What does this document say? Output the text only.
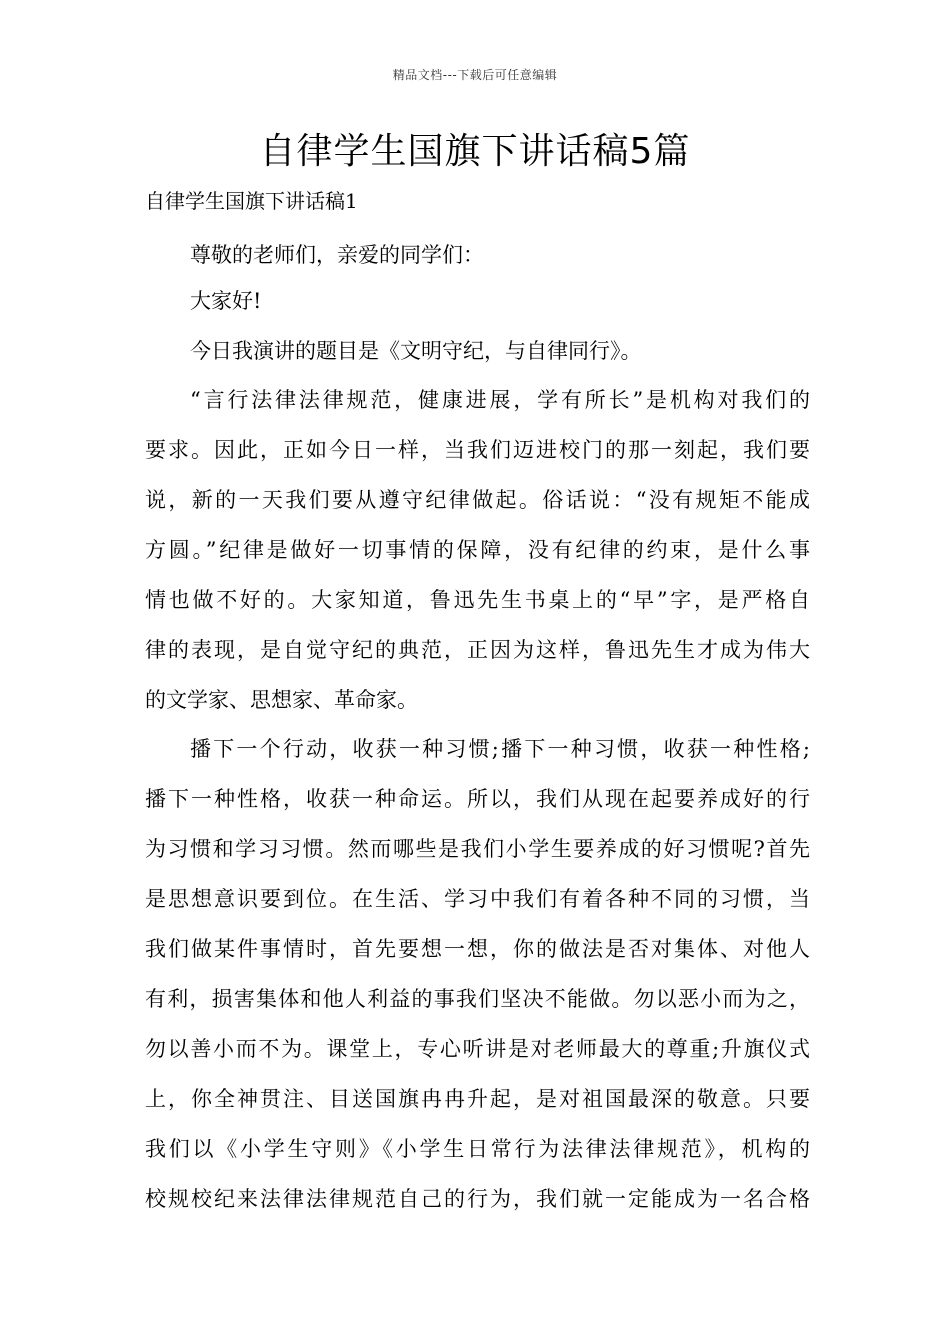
精品文档---下载后可任意编辑
自律学生国旗下讲话稿5篇
自律学生国旗下讲话稿1
尊敬的老师们，亲爱的同学们：
大家好!
今日我演讲的题目是《文明守纪，与自律同行》。
“言行法律法律规范，健康进展，学有所长”是机构对我们的
要求。因此，正如今日一样，当我们迈进校门的那一刻起，我们要
说，新的一天我们要从遵守纪律做起。俗话说：“没有规矩不能成
方圆。”纪律是做好一切事情的保障，没有纪律的约束，是什么事
情也做不好的。大家知道，鲁迅先生书桌上的“早”字，是严格自
律的表现，是自觉守纪的典范，正因为这样，鲁迅先生才成为伟大
的文学家、思想家、革命家。
播下一个行动，收获一种习惯;播下一种习惯，收获一种性格;
播下一种性格，收获一种命运。所以，我们从现在起要养成好的行
为习惯和学习习惯。然而哪些是我们小学生要养成的好习惯呢?首先
是思想意识要到位。在生活、学习中我们有着各种不同的习惯，当
我们做某件事情时，首先要想一想，你的做法是否对集体、对他人
有利，损害集体和他人利益的事我们坚决不能做。勿以恶小而为之，
勿以善小而不为。课堂上，专心听讲是对老师最大的尊重;升旗仪式
上，你全神贯注、目送国旗冉冉升起，是对祖国最深的敬意。只要
我们以《小学生守则》《小学生日常行为法律法律规范》，机构的
校规校纪来法律法律规范自己的行为，我们就一定能成为一名合格
